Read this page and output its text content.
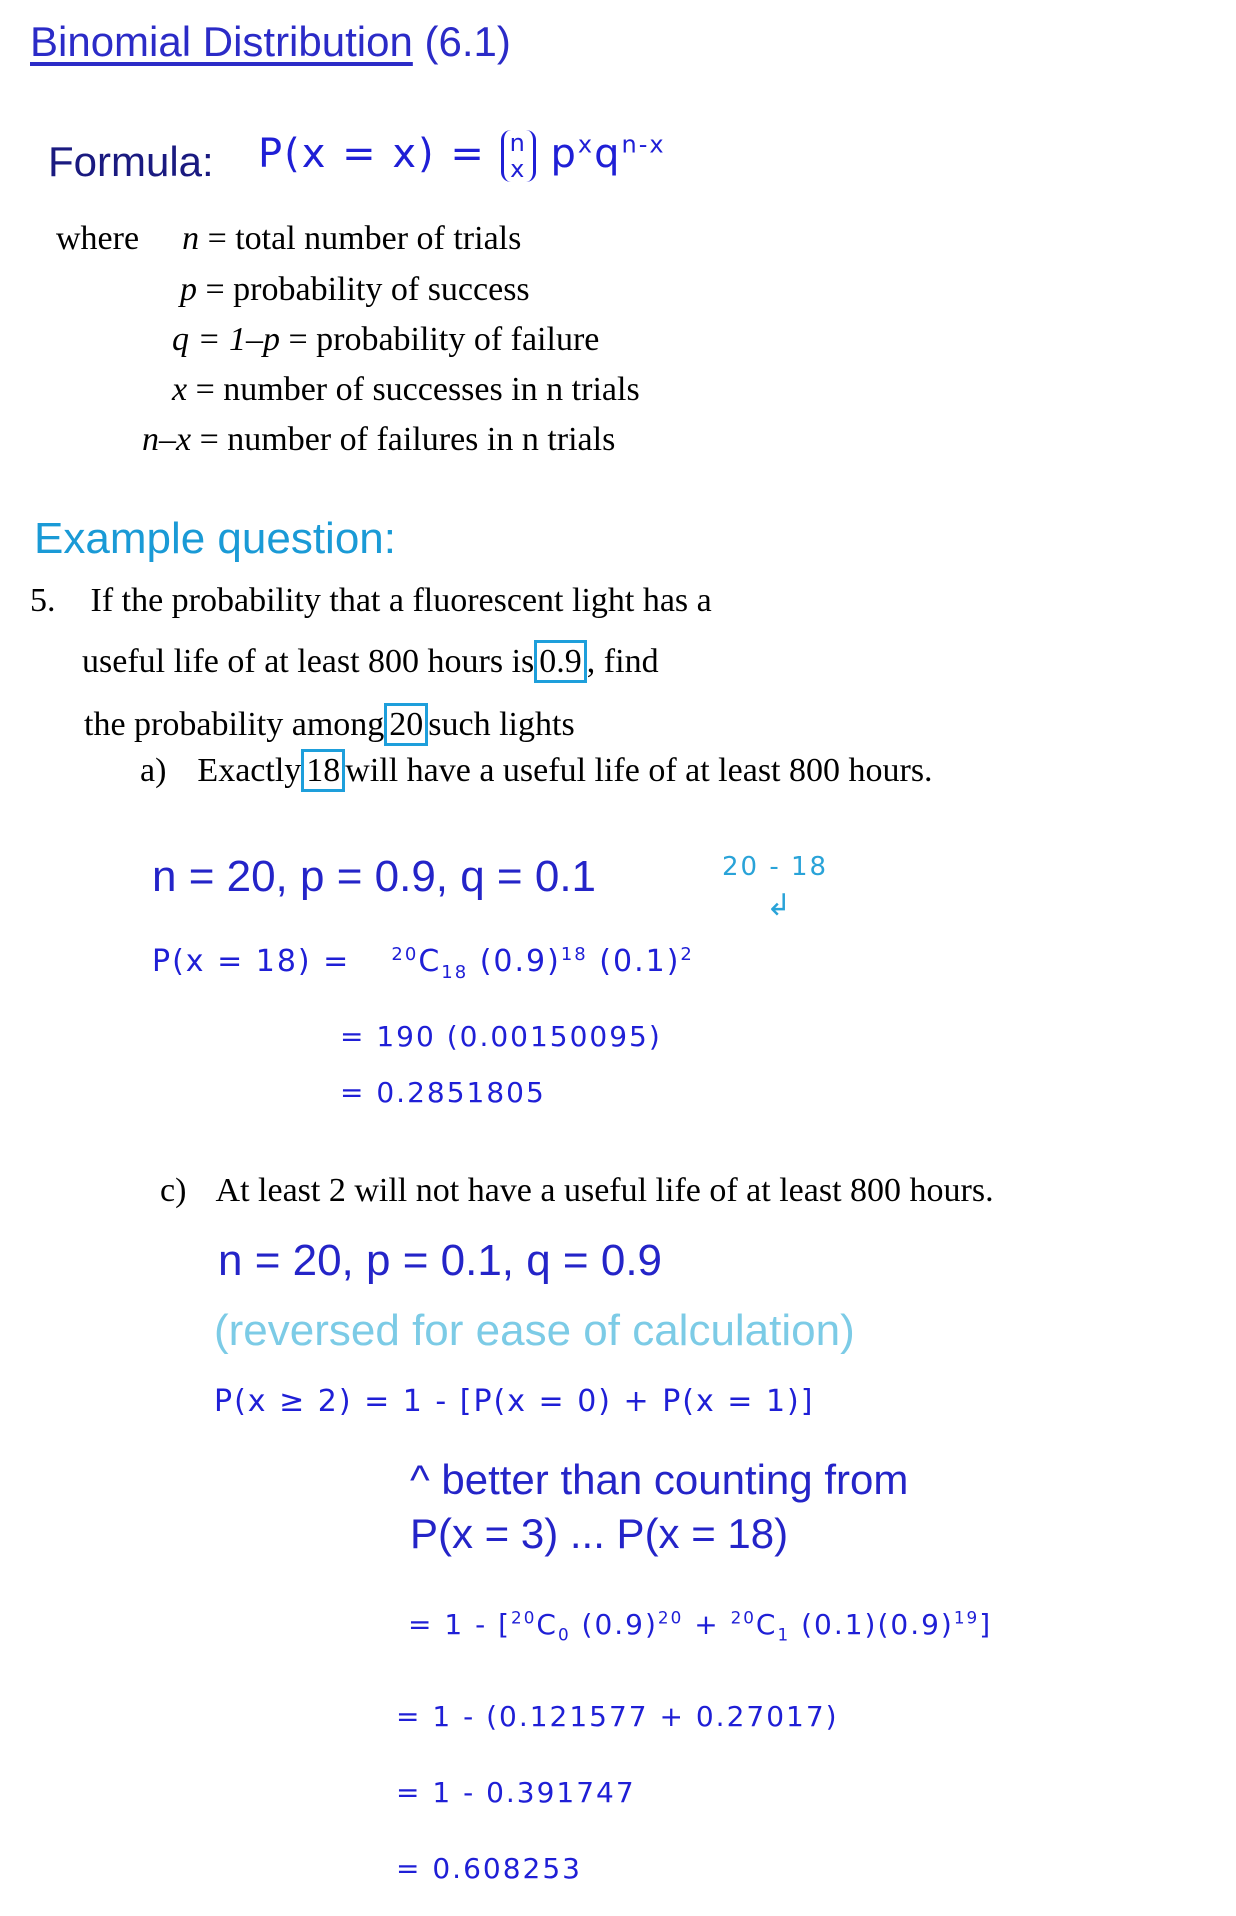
Binomial Distribution (6.1)
Formula: P(x = x) = n
x $p^xq^{n-x}$
where n = total number of trials
p = probability of success
q = 1–p = probability of failure
x = number of successes in n trials
n–x = number of failures in n trials
Example question:
5. If the probability that a fluorescent light has a
useful life of at least 800 hours is 0.9 , find
the probability among 20 such lights
a) Exactly 18 will have a useful life of at least 800 hours.
n = 20, p = 0.9, q = 0.1	20 - 18
↲
$P(x = 18) = ^{20}C_{18}$ $(0.9)^{18}$ $(0.1)^2$
= 190 (0.00150095)
= 0.2851805
c) At least 2 will not have a useful life of at least 800 hours.
n = 20, p = 0.1, q = 0.9
(reversed for ease of calculation)
P(x ≥ 2) = 1 - [P(x = 0) + P(x = 1)]
^ better than counting from
P(x = 3) ... P(x = 18)
= $1 - [^{20}C_0$ $(0.9)^{20} + ^{20}C_1$ $(0.1)(0.9)^{19}$]
= 1 - (0.121577 + 0.27017)
= 1 - 0.391747
= 0.608253
